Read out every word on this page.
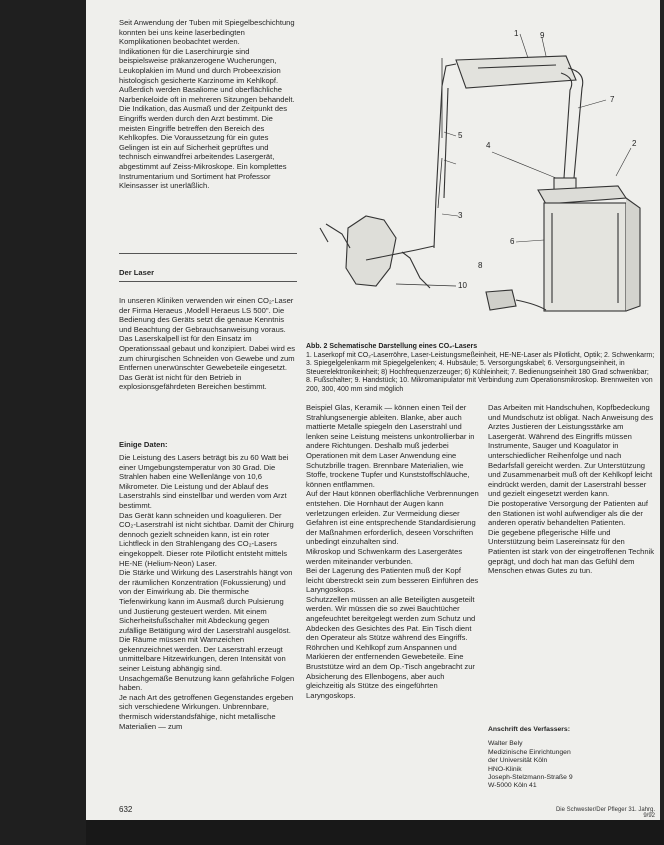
Seit Anwendung der Tuben mit Spiegelbeschichtung konnten bei uns keine laserbedingten Komplikationen beobachtet werden.

Indikationen für die Laserchirurgie sind beispielsweise präkanzerogene Wucherungen, Leukoplakien im Mund und durch Probeexzision histologisch gesicherte Karzinome im Kehlkopf. Außerdich werden Basaliome und oberflächliche Narbenkeloide oft in mehreren Sitzungen behandelt.

Die Indikation, das Ausmaß und der Zeitpunkt des Eingriffs werden durch den Arzt bestimmt. Die meisten Eingriffe betreffen den Bereich des Kehlkopfes. Die Voraussetzung für ein gutes Gelingen ist ein auf Sicherheit geprüftes und technisch einwandfrei arbeitendes Lasergerät, abgestimmt auf Zeiss-Mikroskope. Ein komplettes Instrumentarium und Sortiment hat Professor Kleinsasser ist unerläßlich.

Der Laser

In unseren Kliniken verwenden wir einen CO₂-Laser der Firma Heraeus ,Modell Heraeus LS 500". Die Bedienung des Geräts setzt die genaue Kenntnis und Beachtung der Gebrauchsanweisung voraus.

Das Laserskalpell ist für den Einsatz im Operationssaal gebaut und konzipiert. Dabei wird es zum chirurgischen Schneiden von Gewebe und zum Entfernen unerwünschter Gewebeteile eingesetzt.

Das Gerät ist nicht für den Betrieb in explosionsgefährdeten Bereichen bestimmt.

Einige Daten:

Die Leistung des Lasers beträgt bis zu 60 Watt bei einer Umgebungstemperatur von 30 Grad. Die Strahlen haben eine Wellenlänge von 10,6 Mikrometer. Die Leistung und der Ablauf des Laserstrahls sind einstellbar und werden vom Arzt bestimmt.

Das Gerät kann schneiden und koagulieren. Der CO₂-Laserstrahl ist nicht sichtbar. Damit der Chirurg dennoch gezielt schneiden kann, ist ein roter Lichtfleck in den Strahlengang des CO₂-Lasers eingekoppelt. Dieser rote Pilotlicht entsteht mittels HE-NE (Helium-Neon) Laser.

Die Stärke und Wirkung des Laserstrahls hängt von der räumlichen Konzentration (Fokussierung) und von der Einwirkung ab. Die thermische Tiefenwirkung kann im Ausmaß durch Pulsierung und Justierung gesteuert werden. Mit einem Sicherheitsfußschalter mit Abdeckung gegen zufällige Betätigung wird der Laserstrahl ausgelöst. Die Räume müssen mit Warnzeichen gekennzeichnet werden. Der Laserstrahl erzeugt unmittelbare Hitzewirkungen, deren Intensität von seiner Leistung abhängig sind.

Unsachgemäße Benutzung kann gefährliche Folgen haben.

Je nach Art des getroffenen Gegenstandes ergeben sich verschiedene Wirkungen. Unbrennbare, thermisch widerstandsfähige, nicht metallische Materialien — zum

1
2
3
4
5
6
7
8
9
10
Abb. 2 Schematische Darstellung eines CO₂-Lasers
1. Laserkopf mit CO₂-Laserröhre, Laser-Leistungsmeßeinheit, HE-NE-Laser als Pilotlicht, Optik; 2. Schwenkarm; 3. Spiegelgelenkarm mit Spiegelgelenken; 4. Hubsäule; 5. Versorgungskabel; 6. Versorgungseinheit, in Steuerelektronikeinheit; 8) Hochfrequenzerzeuger; 6) Kühleinheit; 7. Bedienungseinheit 180 Grad schwenkbar; 8. Fußschalter; 9. Handstück; 10. Mikromanipulator mit Verbindung zum Operationsmikroskop. Brennweiten von 200, 300, 400 mm sind möglich

Beispiel Glas, Keramik — können einen Teil der Strahlungsenergie ableiten. Blanke, aber auch mattierte Metalle spiegeln den Laserstrahl und lenken seine Leistung meistens unkontrollierbar in andere Richtungen. Deshalb muß jederbei Operationen mit dem Laser Anwendung eine Schutzbrille tragen. Brennbare Materialien, wie Stoffe, trockene Tupfer und Kunststoffschläuche, können entflammen.

Auf der Haut können oberflächliche Verbrennungen entstehen. Die Hornhaut der Augen kann verletzungen erleiden. Zur Vermeidung dieser Gefahren ist eine entsprechende Standardisierung der Maßnahmen erforderlich, deseen Vorschriften unbedingt einzuhalten sind.

Mikroskop und Schwenkarm des Lasergerätes werden miteinander verbunden.

Bei der Lagerung des Patienten muß der Kopf leicht überstreckt sein zum besseren Einführen des Laryngoskops.

Schutzzellen müssen an alle Beteiligten ausgeteilt werden. Wir müssen die so zwei Bauchtücher angefeuchtet bereitgelegt werden zum Schutz und Abdecken des Gesichtes des Pat. Ein Tisch dient den Operateur als Stütze während des Eingriffs. Röhrchen und Kehlkopf zum Anspannen und Markieren der entfernenden Gewebeteile. Eine Bruststütze wird an dem Op.-Tisch angebracht zur Absicherung des Ellenbogens, aber auch gleichzeitig als Stütze des eingeführten Laryngoskops.

Das Arbeiten mit Handschuhen, Kopfbedeckung und Mundschutz ist obligat. Nach Anweisung des Arztes Justieren der Leistungsstärke am Lasergerät. Während des Eingriffs müssen Instrumente, Sauger und Koagulator in unterschiedlicher Reihenfolge und nach Bedarfsfall gereicht werden. Zur Unterstützung und Zusammenarbeit muß oft der Kehlkopf leicht eindrückt werden, damit der Laserstrahl besser und gezielt eingesetzt werden kann.

Die postoperative Versorgung der Patienten auf den Stationen ist wohl aufwendiger als die der anderen operativ behandelten Patienten.

Die gegebene pflegerische Hilfe und Unterstützung beim Lasereinsatz für den Patienten ist stark von der eingetroffenen Technik geprägt, und doch hat man das Gefühl dem Menschen etwas Gutes zu tun.

Anschrift des Verfassers:
Walter Bely
Medizinische Einrichtungen
der Universität Köln
HNO-Klinik
Joseph-Stelzmann-Straße 9
W-5000 Köln 41
632	Die Schwester/Der Pfleger 31. Jahrg. 9/92
